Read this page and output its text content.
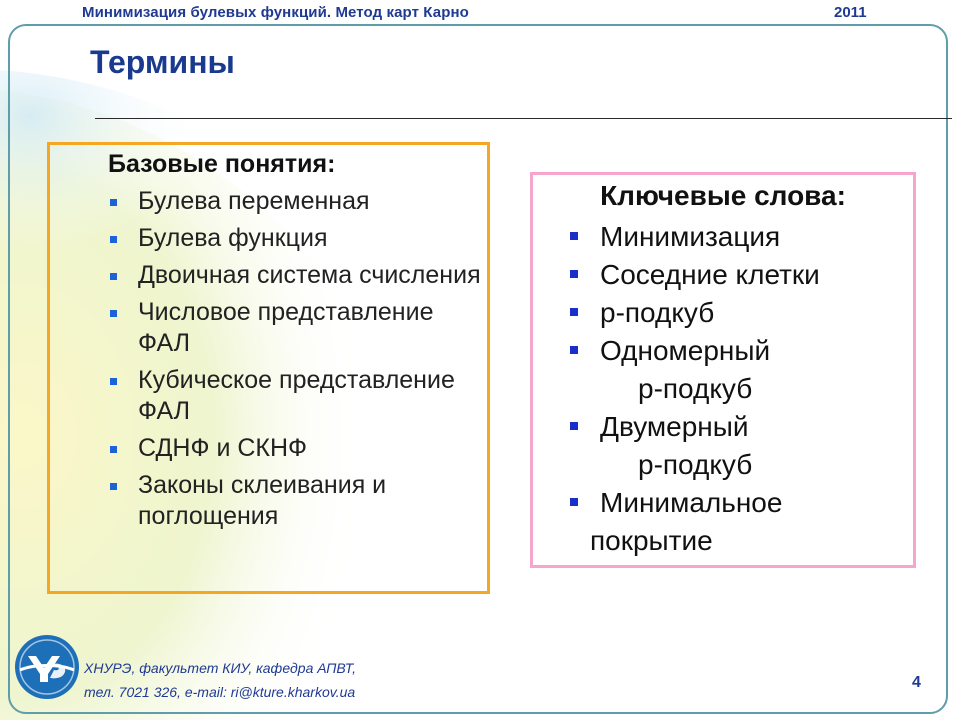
Минимизация булевых функций. Метод карт Карно	2011
Термины
Базовые понятия:
Булева переменная
Булева функция
Двоичная система счисления
Числовое представление ФАЛ
Кубическое представление ФАЛ
СДНФ и СКНФ
Законы склеивания и поглощения
Ключевые слова:
Минимизация
Соседние клетки
р-подкуб
Одномерный
р-подкуб
Двумерный
р-подкуб
Минимальное
покрытие
ХНУРЭ, факультет КИУ, кафедра АПВТ,
тел. 7021 326, e-mail: ri@kture.kharkov.ua
4
